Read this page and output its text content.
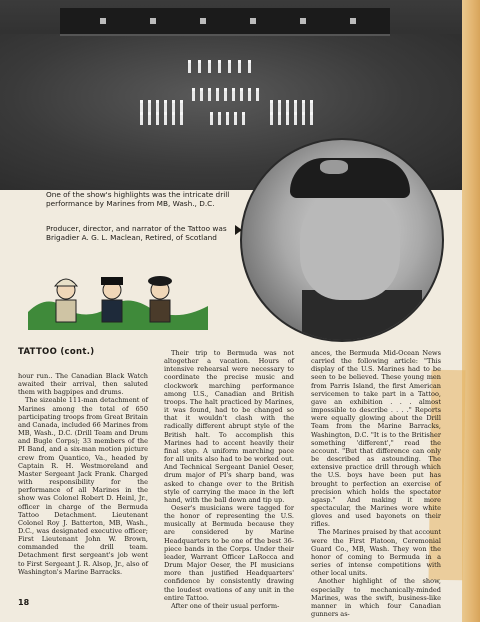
One of the show's highlights was the intricate drill performance by Marines from MB, Wash., D.C.
Producer, director, and narrator of the Tattoo was Brigadier A. G. L. Maclean, Retired, of Scotland
TATTOO (cont.)

hour run.. The Canadian Black Watch awaited their arrival, then saluted them with bagpipes and drums.

The sizeable 111-man detachment of Marines among the total of 650 participating troops from Great Britain and Canada, included 66 Marines from MB, Wash., D.C. (Drill Team and Drum and Bugle Corps); 33 members of the PI Band, and a six-man motion picture crew from Quantico, Va., headed by Captain R. H. Westmoreland and Master Sergeant Jack Frank. Charged with responsibility for the performance of all Marines in the show was Colonel Robert D. Heinl, Jr., officer in charge of the Bermuda Tattoo Detachment. Lieutenant Colonel Roy J. Batterton, MB, Wash., D.C., was designated executive officer; First Lieutenant John W. Brown, commanded the drill team. Detachment first sergeant's job went to First Sergeant J. R. Alsop, Jr., also of Washington's Marine Barracks.

Their trip to Bermuda was not altogether a vacation. Hours of intensive rehearsal were necessary to coordinate the precise music and clockwork marching performance among U.S., Canadian and British troops. The halt practiced by Marines, it was found, had to be changed so that it wouldn't clash with the radically different abrupt style of the British halt. To accomplish this Marines had to accent heavily their final step. A uniform marching pace for all units also had to be worked out. And Technical Sergeant Daniel Oeser, drum major of PI's sharp band, was asked to change over to the British style of carrying the mace in the left hand, with the ball down and tip up.

Oeser's musicians were tagged for the honor of representing the U.S. musically at Bermuda because they are considered by Marine Headquarters to be one of the best 36-piece bands in the Corps. Under their leader, Warrant Officer LaRocca and Drum Major Oeser, the PI musicians more than justified Headquarters' confidence by consistently drawing the loudest ovations of any unit in the entire Tattoo.

After one of their usual perform-

ances, the Bermuda Mid-Ocean News carried the following article: "This display of the U.S. Marines had to be seen to be believed. These young men from Parris Island, the first American servicemen to take part in a Tattoo, gave an exhibition . . . almost impossible to describe . . . ." Reports were equally glowing about the Drill Team from the Marine Barracks, Washington, D.C. "It is to the Britisher something 'different'," read the account. "But that difference can only be described as astounding. The extensive practice drill through which the U.S. boys have been put has brought to perfection an exercise of precision which holds the spectator agasp." And making it more spectacular, the Marines wore white gloves and used bayonets on their rifles.

The Marines praised by that account were the First Platoon, Ceremonial Guard Co., MB, Wash. They won the honor of coming to Bermuda in a series of intense competitions with other local units.

Another highlight of the show, especially to mechanically-minded Marines, was the swift, business-like manner in which four Canadian gunners as-

18
